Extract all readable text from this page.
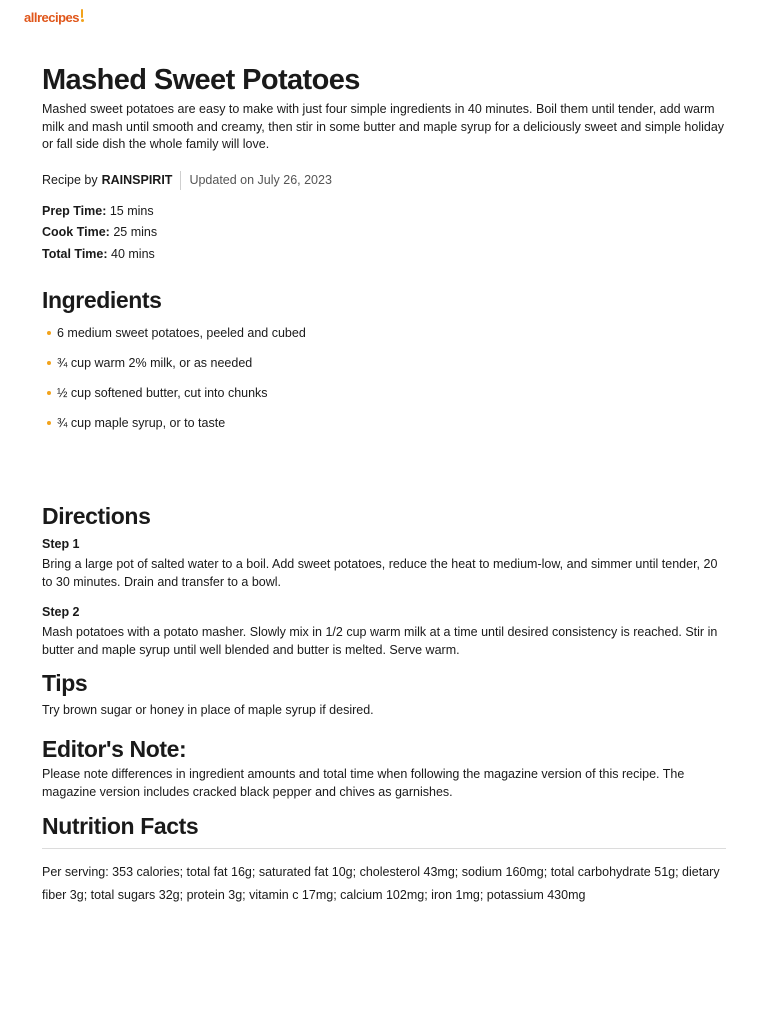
allrecipes
Mashed Sweet Potatoes

Mashed sweet potatoes are easy to make with just four simple ingredients in 40 minutes. Boil them until tender, add warm milk and mash until smooth and creamy, then stir in some butter and maple syrup for a deliciously sweet and simple holiday or fall side dish the whole family will love.

Recipe by RAINSPIRIT Updated on July 26, 2023
Prep Time: 15 mins
Cook Time: 25 mins
Total Time: 40 mins
Ingredients
6 medium sweet potatoes, peeled and cubed
¾ cup warm 2% milk, or as needed
½ cup softened butter, cut into chunks
¾ cup maple syrup, or to taste
Directions
Step 1

Bring a large pot of salted water to a boil. Add sweet potatoes, reduce the heat to medium-low, and simmer until tender, 20 to 30 minutes. Drain and transfer to a bowl.

Step 2

Mash potatoes with a potato masher. Slowly mix in 1/2 cup warm milk at a time until desired consistency is reached. Stir in butter and maple syrup until well blended and butter is melted. Serve warm.

Tips

Try brown sugar or honey in place of maple syrup if desired.

Editor's Note:

Please note differences in ingredient amounts and total time when following the magazine version of this recipe. The magazine version includes cracked black pepper and chives as garnishes.

Nutrition Facts

Per serving: 353 calories ; total fat 16g ; saturated fat 10g ; cholesterol 43mg ; sodium 160mg ; total carbohydrate 51g ; dietary fiber 3g ; total sugars 32g ; protein 3g ; vitamin c 17mg ; calcium 102mg ; iron 1mg ; potassium 430mg
